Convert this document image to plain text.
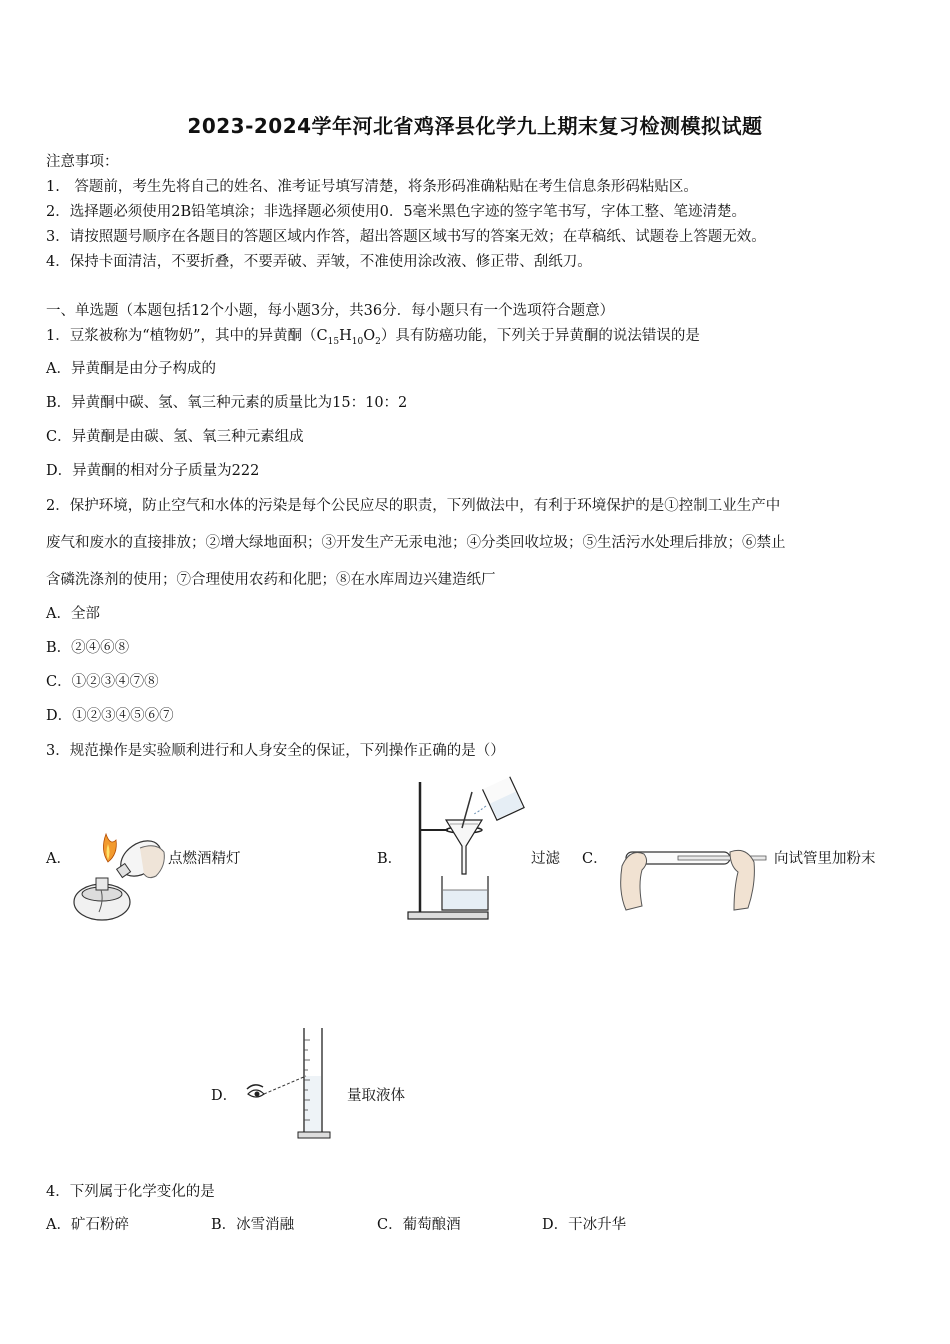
2023-2024学年河北省鸡泽县化学九上期末复习检测模拟试题
注意事项：
1.　答题前，考生先将自己的姓名、准考证号填写清楚，将条形码准确粘贴在考生信息条形码粘贴区。
2．选择题必须使用2B铅笔填涂；非选择题必须使用0．5毫米黑色字迹的签字笔书写，字体工整、笔迹清楚。
3．请按照题号顺序在各题目的答题区域内作答，超出答题区域书写的答案无效；在草稿纸、试题卷上答题无效。
4．保持卡面清洁，不要折叠，不要弄破、弄皱，不准使用涂改液、修正带、刮纸刀。
一、单选题（本题包括12个小题，每小题3分，共36分．每小题只有一个选项符合题意）
1．豆浆被称为“植物奶”，其中的异黄酮$(C_{15}H_{10}O_2)$具有防癌功能，下列关于异黄酮的说法错误的是
A．异黄酮是由分子构成的
B．异黄酮中碳、氢、氧三种元素的质量比为15：10：2
C．异黄酮是由碳、氢、氧三种元素组成
D．异黄酮的相对分子质量为222
2．保护环境，防止空气和水体的污染是每个公民应尽的职责，下列做法中，有利于环境保护的是①控制工业生产中
废气和废水的直接排放；②增大绿地面积；③开发生产无汞电池；④分类回收垃圾；⑤生活污水处理后排放；⑥禁止
含磷洗涤剂的使用；⑦合理使用农药和化肥；⑧在水库周边兴建造纸厂
A．全部
B．②④⑥⑧
C．①②③④⑦⑧
D．①②③④⑤⑥⑦
3．规范操作是实验顺利进行和人身安全的保证，下列操作正确的是（）
A．	点燃酒精灯	B．	过滤 C．	向试管里加粉末
D．	量取液体
4．下列属于化学变化的是
A．矿石粉碎	B．冰雪消融	C．葡萄酿酒	D．干冰升华
